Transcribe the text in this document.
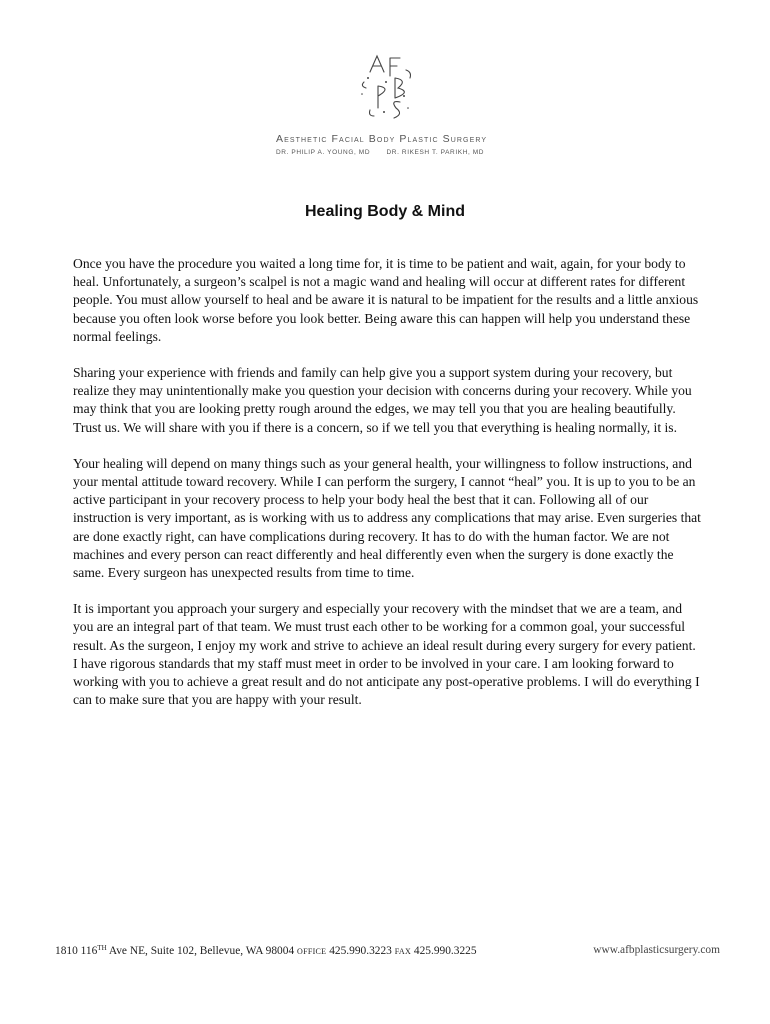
Aesthetic Facial Body Plastic Surgery
DR. PHILIP A. YOUNG, MD	DR. RIKESH T. PARIKH, MD
Healing Body & Mind

Once you have the procedure you waited a long time for, it is time to be patient and wait, again, for your body to heal. Unfortunately, a surgeon’s scalpel is not a magic wand and healing will occur at different rates for different people. You must allow yourself to heal and be aware it is natural to be impatient for the results and a little anxious because you often look worse before you look better. Being aware this can happen will help you understand these normal feelings.

Sharing your experience with friends and family can help give you a support system during your recovery, but realize they may unintentionally make you question your decision with concerns during your recovery. While you may think that you are looking pretty rough around the edges, we may tell you that you are healing beautifully. Trust us. We will share with you if there is a concern, so if we tell you that everything is healing normally, it is.

Your healing will depend on many things such as your general health, your willingness to follow instructions, and your mental attitude toward recovery. While I can perform the surgery, I cannot “heal” you. It is up to you to be an active participant in your recovery process to help your body heal the best that it can. Following all of our instruction is very important, as is working with us to address any complications that may arise. Even surgeries that are done exactly right, can have complications during recovery. It has to do with the human factor. We are not machines and every person can react differently and heal differently even when the surgery is done exactly the same. Every surgeon has unexpected results from time to time.

It is important you approach your surgery and especially your recovery with the mindset that we are a team, and you are an integral part of that team. We must trust each other to be working for a common goal, your successful result. As the surgeon, I enjoy my work and strive to achieve an ideal result during every surgery for every patient. I have rigorous standards that my staff must meet in order to be involved in your care. I am looking forward to working with you to achieve a great result and do not anticipate any post-operative problems. I will do everything I can to make sure that you are happy with your result.

1810 116TH Ave NE, Suite 102, Bellevue, WA 98004 OFFICE 425.990.3223 FAX 425.990.3225	www.afbplasticsurgery.com
